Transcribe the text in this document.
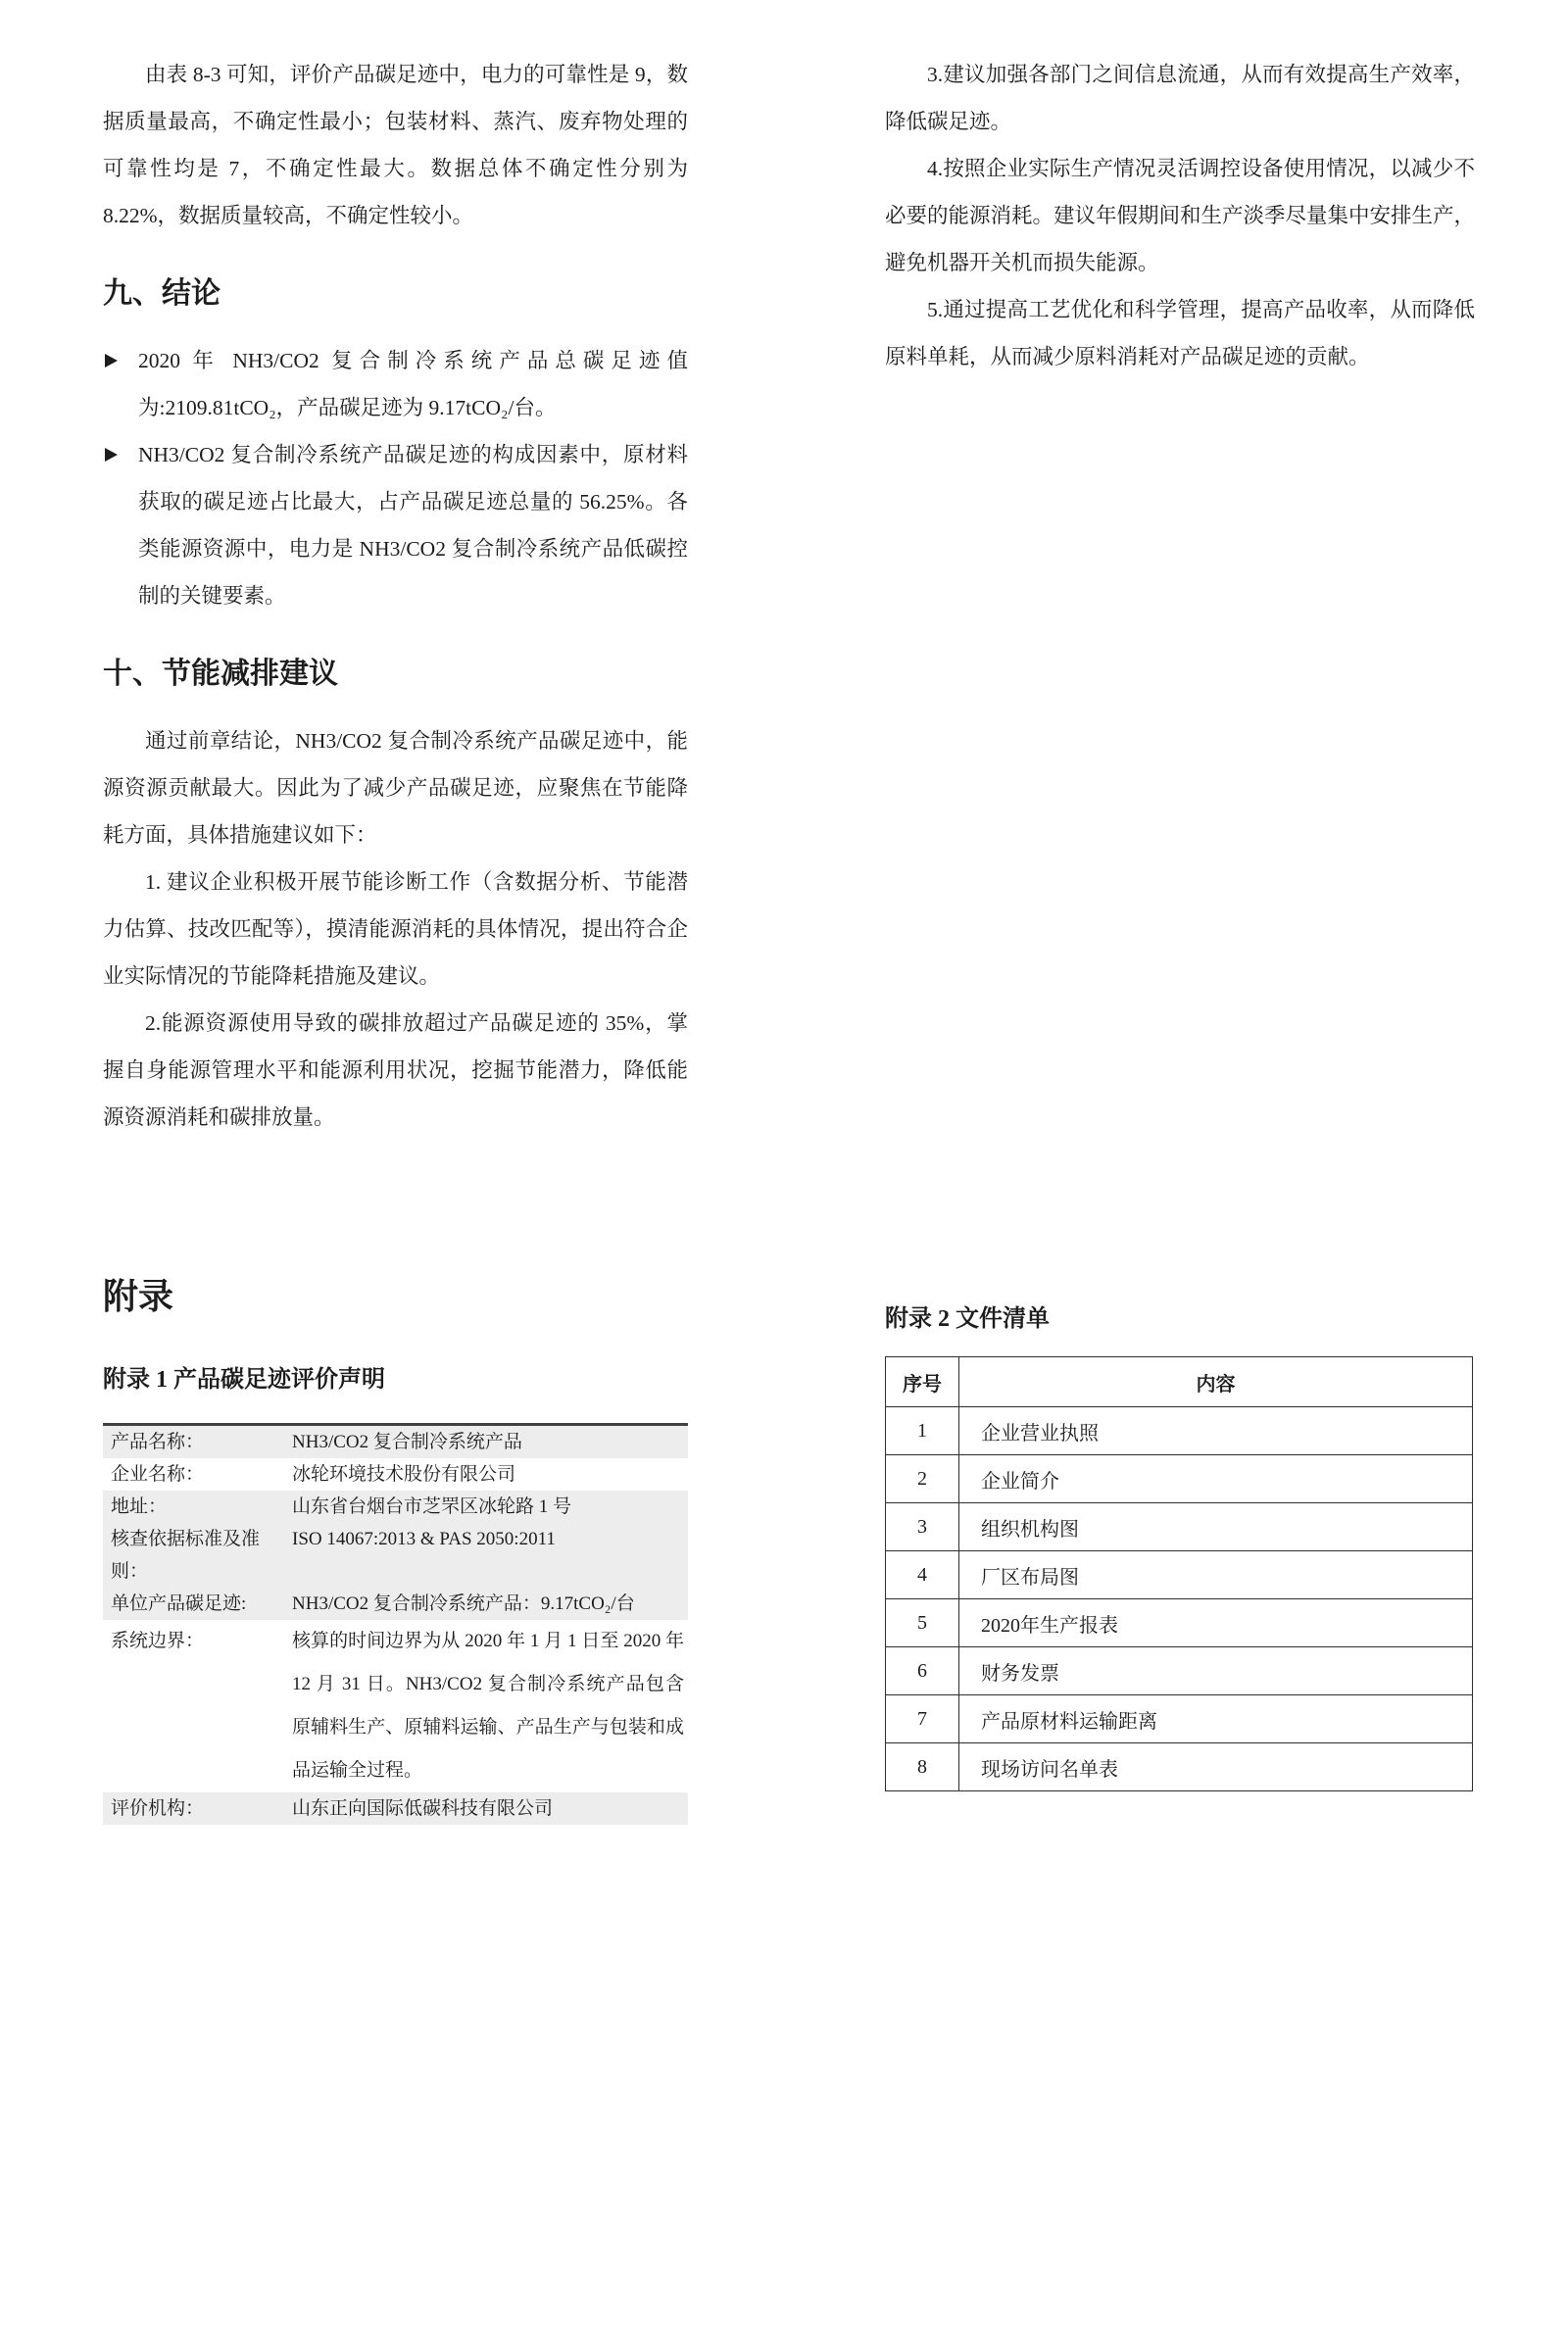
由表 8-3 可知，评价产品碳足迹中，电力的可靠性是 9，数据质量最高，不确定性最小；包装材料、蒸汽、废弃物处理的可靠性均是 7，不确定性最大。数据总体不确定性分别为 8.22%，数据质量较高，不确定性较小。

九、结论

2020 年 NH3/CO2 复合制冷系统产品总碳足迹值为:2109.81tCO₂，产品碳足迹为 9.17tCO₂/台。

NH3/CO2 复合制冷系统产品碳足迹的构成因素中，原材料获取的碳足迹占比最大，占产品碳足迹总量的 56.25%。各类能源资源中，电力是 NH3/CO2 复合制冷系统产品低碳控制的关键要素。

十、节能减排建议

通过前章结论，NH3/CO2 复合制冷系统产品碳足迹中，能源资源贡献最大。因此为了减少产品碳足迹，应聚焦在节能降耗方面，具体措施建议如下：

1. 建议企业积极开展节能诊断工作（含数据分析、节能潜力估算、技改匹配等），摸清能源消耗的具体情况，提出符合企业实际情况的节能降耗措施及建议。

2.能源资源使用导致的碳排放超过产品碳足迹的 35%，掌握自身能源管理水平和能源利用状况，挖掘节能潜力，降低能源资源消耗和碳排放量。

3.建议加强各部门之间信息流通，从而有效提高生产效率，降低碳足迹。

4.按照企业实际生产情况灵活调控设备使用情况，以减少不必要的能源消耗。建议年假期间和生产淡季尽量集中安排生产，避免机器开关机而损失能源。

5.通过提高工艺优化和科学管理，提高产品收率，从而降低原料单耗，从而减少原料消耗对产品碳足迹的贡献。

附录
附录 1 产品碳足迹评价声明
产品名称：	NH3/CO2 复合制冷系统产品
企业名称：	冰轮环境技术股份有限公司
地址：	山东省台烟台市芝罘区冰轮路 1 号
核查依据标准及准则：
ISO 14067:2013 & PAS 2050:2011
单位产品碳足迹:	NH3/CO2 复合制冷系统产品：9.17tCO₂/台
系统边界：	核算的时间边界为从 2020 年 1 月 1 日至 2020 年 12 月 31 日。NH3/CO2 复合制冷系统产品包含原辅料生产、原辅料运输、产品生产与包装和成品运输全过程。
评价机构：	山东正向国际低碳科技有限公司
附录 2 文件清单
序号	内容
1	企业营业执照
2	企业简介
3	组织机构图
4	厂区布局图
5	2020年生产报表
6	财务发票
7	产品原材料运输距离
8	现场访问名单表
